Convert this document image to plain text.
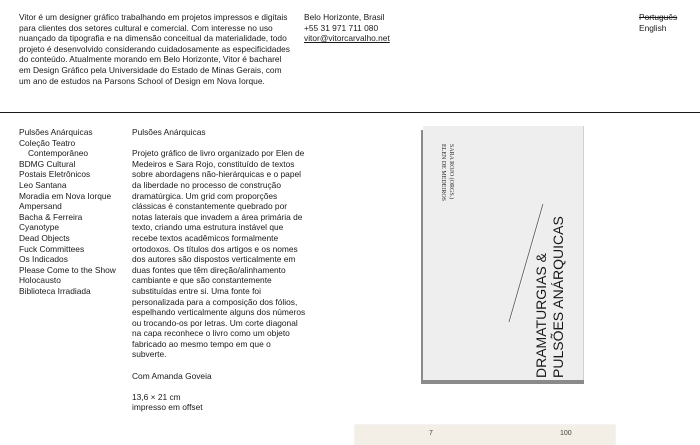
Vitor é um designer gráfico trabalhando em projetos impressos e digitais para clientes dos setores cultural e comercial. Com interesse no uso nuançado da tipografia e na dimensão conceitual da materialidade, todo projeto é desenvolvido considerando cuidadosamente as especificidades do conteúdo. Atualmente morando em Belo Horizonte, Vitor é bacharel em Design Gráfico pela Universidade do Estado de Minas Gerais, com um ano de estudos na Parsons School of Design em Nova Iorque.
Belo Horizonte, Brasil
+55 31 971 711 080
vitor@vitorcarvalho.net
Português
English
Pulsões Anárquicas
Coleção Teatro Contemporâneo
BDMG Cultural
Postais Eletrônicos
Leo Santana
Moradia em Nova Iorque
Ampersand
Bacha & Ferreira
Cyanotype
Dead Objects
Fuck Committees
Os Indicados
Please Come to the Show
Holocausto
Biblioteca Irradiada

Pulsões Anárquicas

Projeto gráfico de livro organizado por Elen de Medeiros e Sara Rojo, constituído de textos sobre abordagens não-hierárquicas e o papel da liberdade no processo de construção dramatúrgica. Um grid com proporções clássicas é constantemente quebrado por notas laterais que invadem a área primária de texto, criando uma estrutura instável que recebe textos acadêmicos formalmente ortodoxos. Os títulos dos artigos e os nomes dos autores são dispostos verticalmente em duas fontes que têm direção/alinhamento cambiante e que são constantemente substituídas entre si. Uma fonte foi personalizada para a composição dos fólios, espelhando verticalmente alguns dos números ou trocando-os por letras. Um corte diagonal na capa reconhece o livro como um objeto fabricado ao mesmo tempo em que o subverte.

Com Amanda Goveia

13,6 × 21 cm
impresso em offset
ELEN DE MEDEIROS SARA ROJO (ORGS.)
DRAMATURGIAS & PULSÕES ANÁRQUICAS
7	100
